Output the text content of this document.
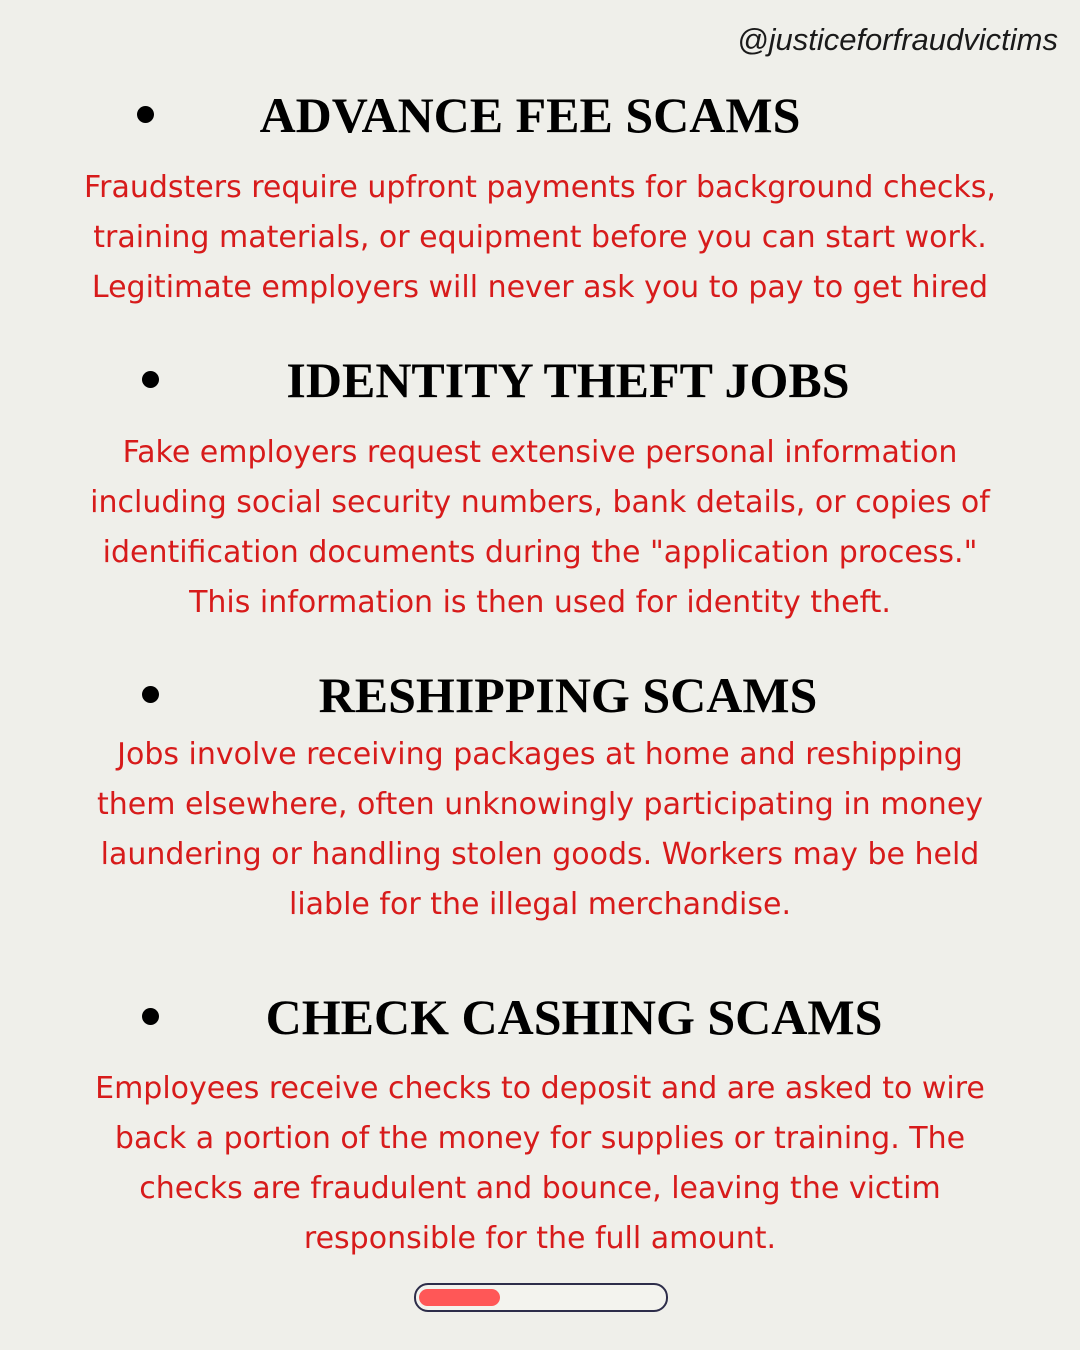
@justiceforfraudvictims
ADVANCE FEE SCAMS
Fraudsters require upfront payments for background checks,
training materials, or equipment before you can start work.
Legitimate employers will never ask you to pay to get hired
IDENTITY THEFT JOBS
Fake employers request extensive personal information
including social security numbers, bank details, or copies of
identification documents during the "application process."
This information is then used for identity theft.
RESHIPPING SCAMS
Jobs involve receiving packages at home and reshipping
them elsewhere, often unknowingly participating in money
laundering or handling stolen goods. Workers may be held
liable for the illegal merchandise.
CHECK CASHING SCAMS
Employees receive checks to deposit and are asked to wire
back a portion of the money for supplies or training. The
checks are fraudulent and bounce, leaving the victim
responsible for the full amount.
